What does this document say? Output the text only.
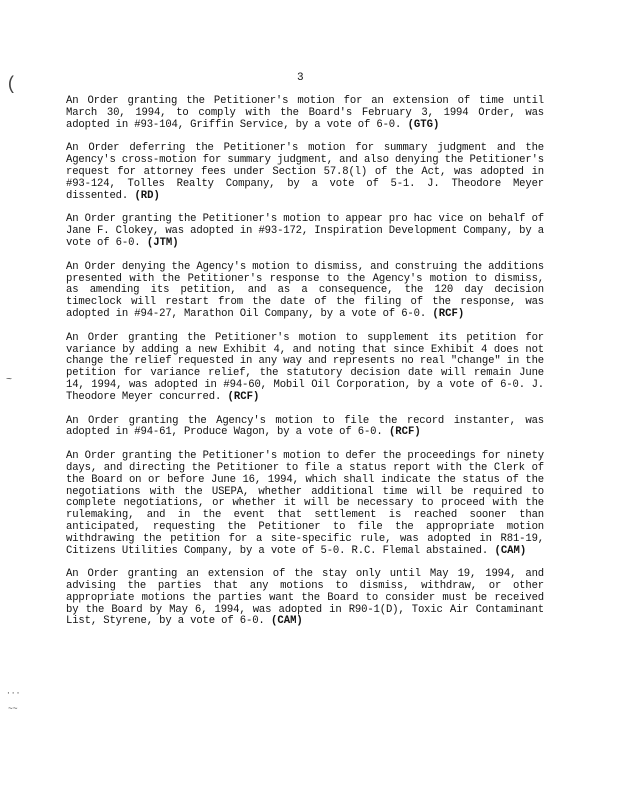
(
~
···
~~
3

An Order granting the Petitioner's motion for an extension of time until March 30, 1994, to comply with the Board's February 3, 1994 Order, was adopted in #93-104, Griffin Service, by a vote of 6-0. (GTG)

An Order deferring the Petitioner's motion for summary judgment and the Agency's cross-motion for summary judgment, and also denying the Petitioner's request for attorney fees under Section 57.8(l) of the Act, was adopted in #93-124, Tolles Realty Company, by a vote of 5-1. J. Theodore Meyer dissented. (RD)

An Order granting the Petitioner's motion to appear pro hac vice on behalf of Jane F. Clokey, was adopted in #93-172, Inspiration Development Company, by a vote of 6-0. (JTM)

An Order denying the Agency's motion to dismiss, and construing the additions presented with the Petitioner's response to the Agency's motion to dismiss, as amending its petition, and as a consequence, the 120 day decision timeclock will restart from the date of the filing of the response, was adopted in #94-27, Marathon Oil Company, by a vote of 6-0. (RCF)

An Order granting the Petitioner's motion to supplement its petition for variance by adding a new Exhibit 4, and noting that since Exhibit 4 does not change the relief requested in any way and represents no real "change" in the petition for variance relief, the statutory decision date will remain June 14, 1994, was adopted in #94-60, Mobil Oil Corporation, by a vote of 6-0. J. Theodore Meyer concurred. (RCF)

An Order granting the Agency's motion to file the record instanter, was adopted in #94-61, Produce Wagon, by a vote of 6-0. (RCF)

An Order granting the Petitioner's motion to defer the proceedings for ninety days, and directing the Petitioner to file a status report with the Clerk of the Board on or before June 16, 1994, which shall indicate the status of the negotiations with the USEPA, whether additional time will be required to complete negotiations, or whether it will be necessary to proceed with the rulemaking, and in the event that settlement is reached sooner than anticipated, requesting the Petitioner to file the appropriate motion withdrawing the petition for a site-specific rule, was adopted in R81-19, Citizens Utilities Company, by a vote of 5-0. R.C. Flemal abstained. (CAM)

An Order granting an extension of the stay only until May 19, 1994, and advising the parties that any motions to dismiss, withdraw, or other appropriate motions the parties want the Board to consider must be received by the Board by May 6, 1994, was adopted in R90-1(D), Toxic Air Contaminant List, Styrene, by a vote of 6-0. (CAM)
